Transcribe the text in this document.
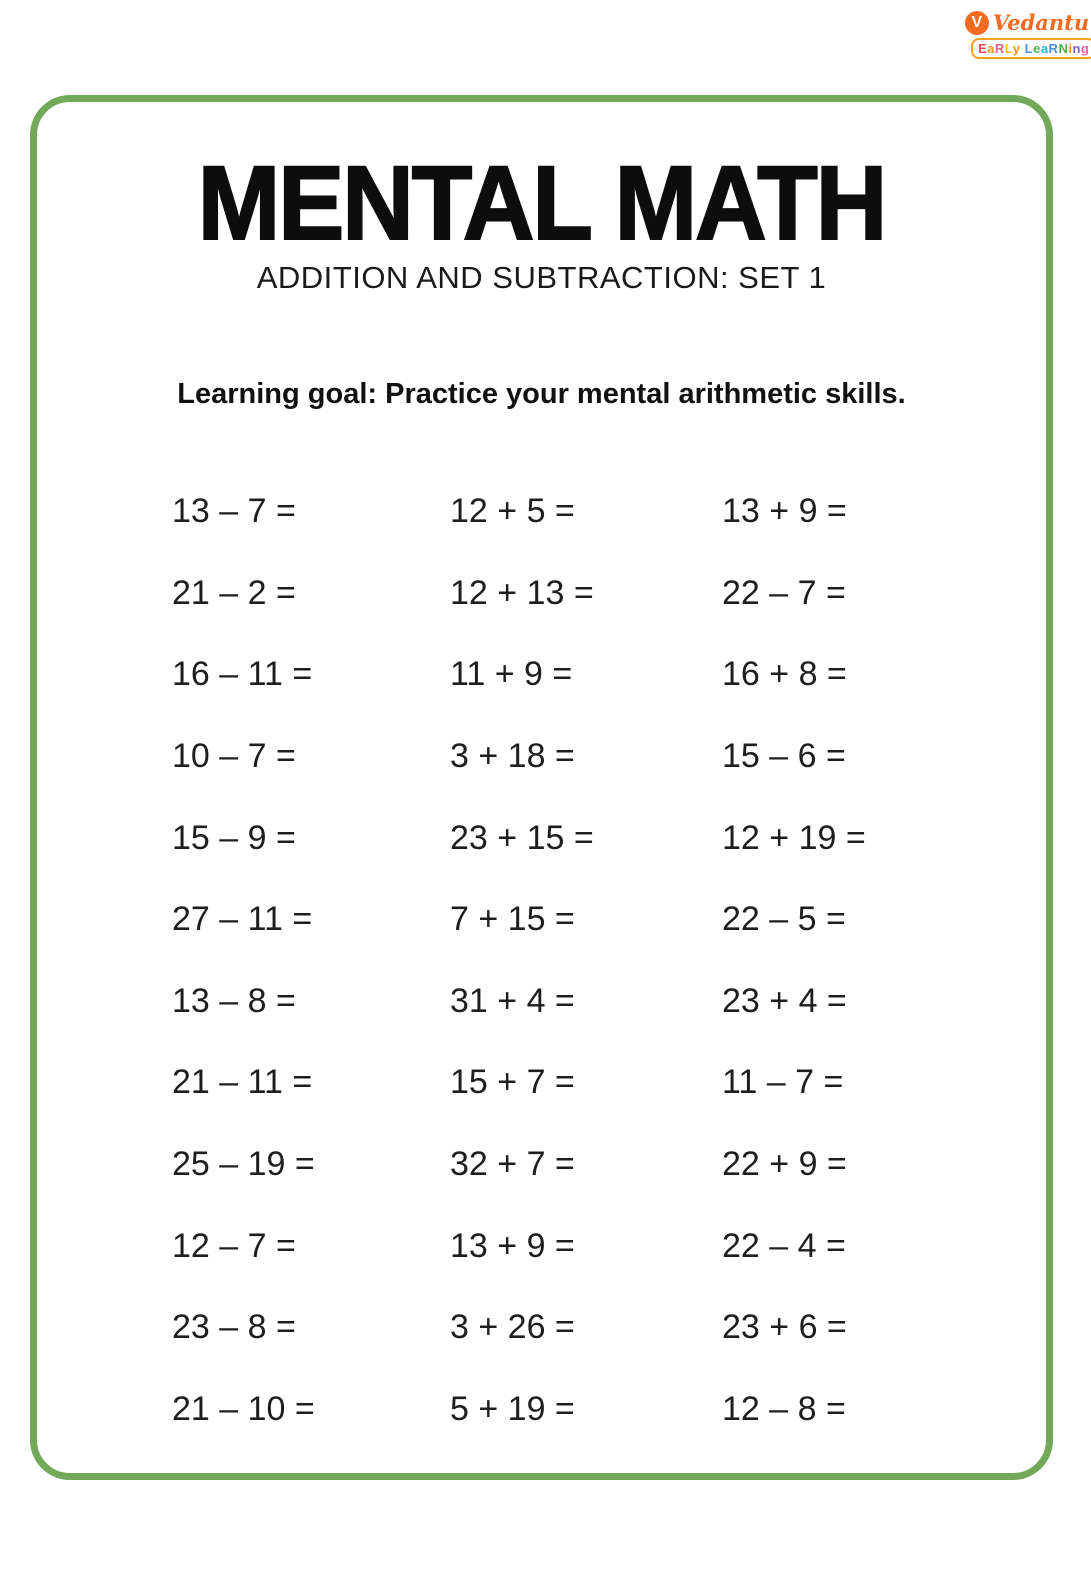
V Vedantu
EaRLy LeaRNing
MENTAL MATH
ADDITION AND SUBTRACTION: SET 1
Learning goal: Practice your mental arithmetic skills.
13 – 7 =	12 + 5 =	13 + 9 =
21 – 2 =	12 + 13 =	22 – 7 =
16 – 11 =	11 + 9 =	16 + 8 =
10 – 7 =	3 + 18 =	15 – 6 =
15 – 9 =	23 + 15 =	12 + 19 =
27 – 11 =	7 + 15 =	22 – 5 =
13 – 8 =	31 + 4 =	23 + 4 =
21 – 11 =	15 + 7 =	11 – 7 =
25 – 19 =	32 + 7 =	22 + 9 =
12 – 7 =	13 + 9 =	22 – 4 =
23 – 8 =	3 + 26 =	23 + 6 =
21 – 10 =	5 + 19 =	12 – 8 =
